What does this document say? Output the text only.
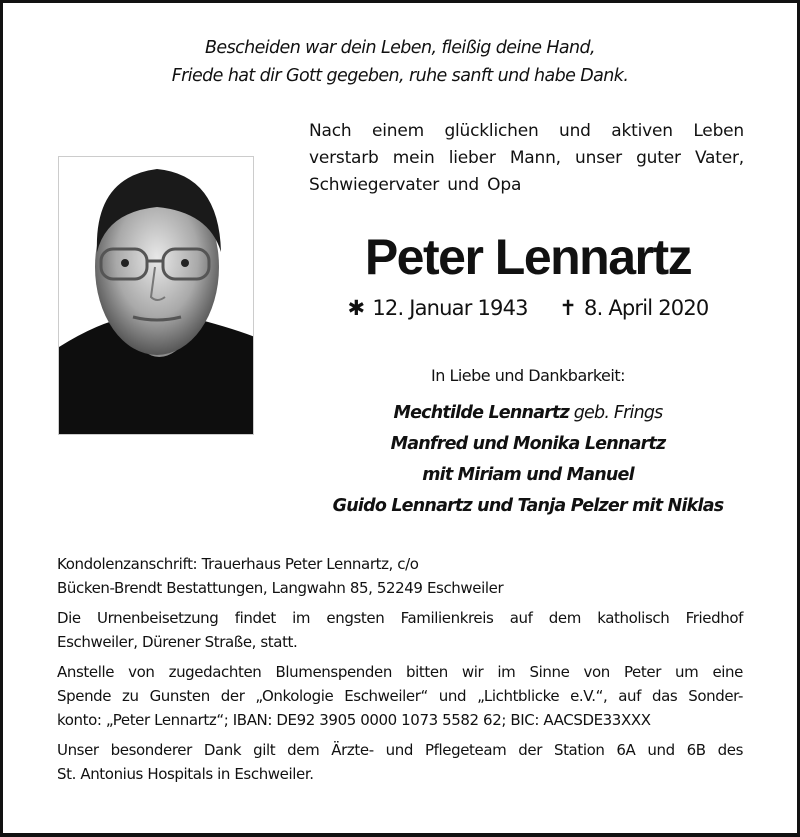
Bescheiden war dein Leben, fleißig deine Hand,
Friede hat dir Gott gegeben, ruhe sanft und habe Dank.
Nach einem glücklichen und aktiven Leben
verstarb mein lieber Mann, unser guter Vater,
Schwiegervater und Opa
Peter Lennartz
✱ 12. Januar 1943 ✝ 8. April 2020
In Liebe und Dankbarkeit:
Mechtilde Lennartz geb. Frings
Manfred und Monika Lennartz
mit Miriam und Manuel
Guido Lennartz und Tanja Pelzer mit Niklas
Kondolenzanschrift: Trauerhaus Peter Lennartz, c/o
Bücken-Brendt Bestattungen, Langwahn 85, 52249 Eschweiler
Die Urnenbeisetzung findet im engsten Familienkreis auf dem katholisch Friedhof
Eschweiler, Dürener Straße, statt.
Anstelle von zugedachten Blumenspenden bitten wir im Sinne von Peter um eine
Spende zu Gunsten der „Onkologie Eschweiler“ und „Lichtblicke e.V.“, auf das Sonder-
konto: „Peter Lennartz“; IBAN: DE92 3905 0000 1073 5582 62; BIC: AACSDE33XXX
Unser besonderer Dank gilt dem Ärzte- und Pflegeteam der Station 6A und 6B des
St. Antonius Hospitals in Eschweiler.
